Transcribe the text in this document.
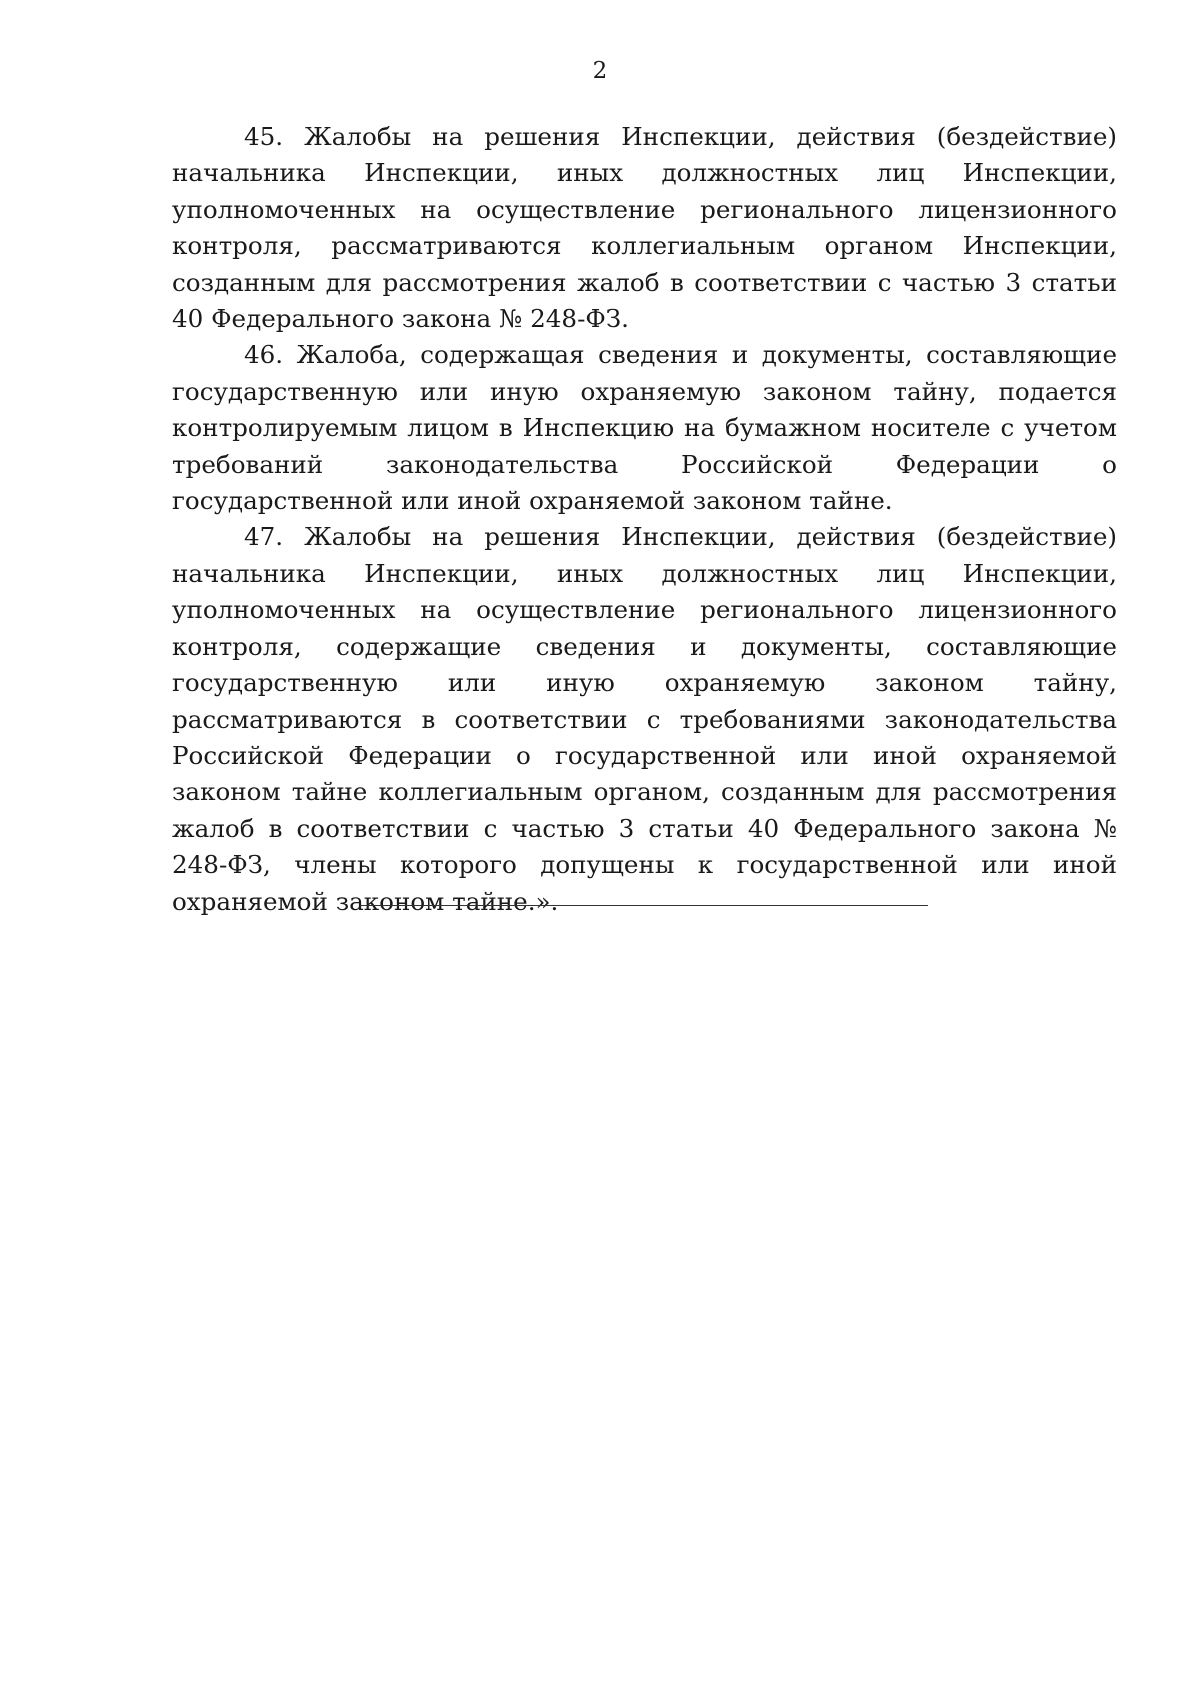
2

45. Жалобы на решения Инспекции, действия (бездействие) начальника Инспекции, иных должностных лиц Инспекции, уполномоченных на осуществление регионального лицензионного контроля, рассматриваются коллегиальным органом Инспекции, созданным для рассмотрения жалоб в соответствии с частью 3 статьи 40 Федерального закона № 248-ФЗ.

46. Жалоба, содержащая сведения и документы, составляющие государственную или иную охраняемую законом тайну, подается контролируемым лицом в Инспекцию на бумажном носителе с учетом требований законодательства Российской Федерации о государственной или иной охраняемой законом тайне.

47. Жалобы на решения Инспекции, действия (бездействие) начальника Инспекции, иных должностных лиц Инспекции, уполномоченных на осуществление регионального лицензионного контроля, содержащие сведения и документы, составляющие государственную или иную охраняемую законом тайну, рассматриваются в соответствии с требованиями законодательства Российской Федерации о государственной или иной охраняемой законом тайне коллегиальным органом, созданным для рассмотрения жалоб в соответствии с частью 3 статьи 40 Федерального закона № 248-ФЗ, члены которого допущены к государственной или иной охраняемой законом тайне.».
